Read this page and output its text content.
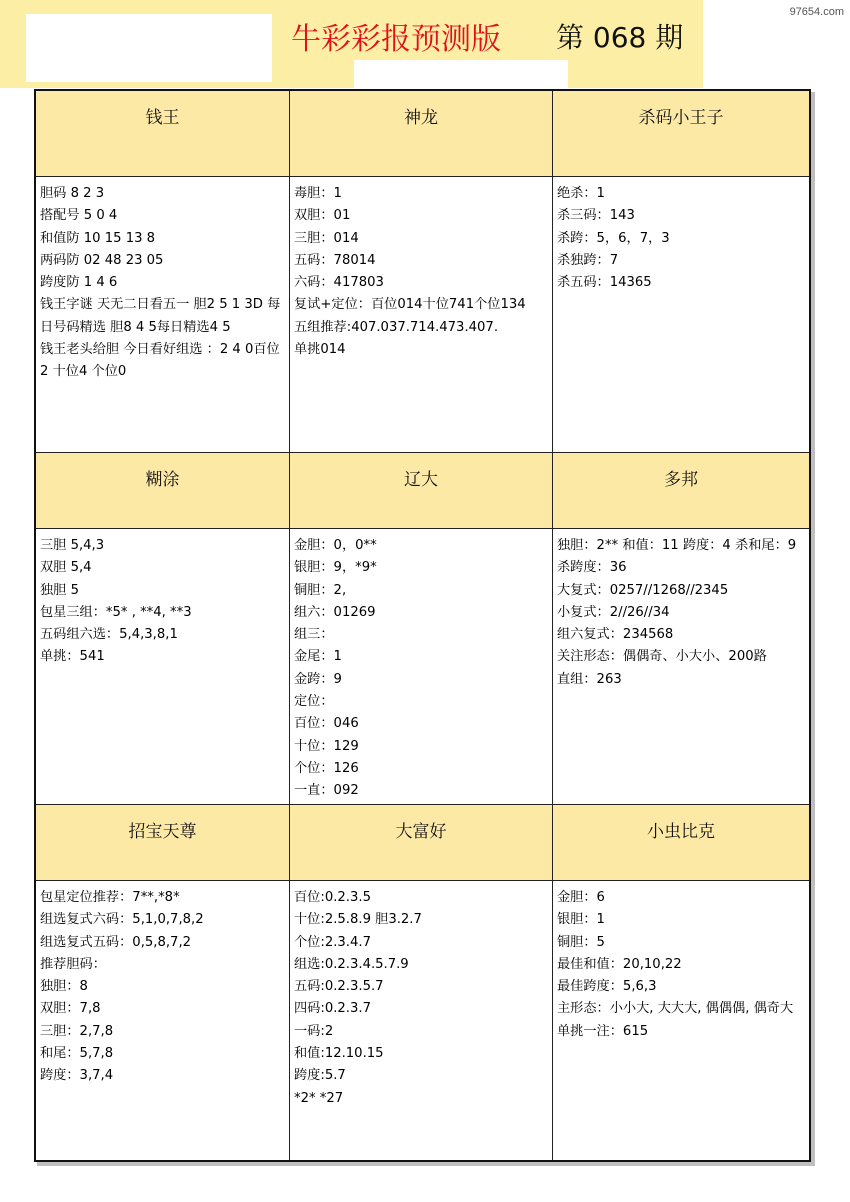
牛彩彩报预测版 第 068 期
97654.com
钱王	神龙	杀码小王子
胆码 8 2 3
搭配号 5 0 4
和值防 10 15 13 8
两码防 02 48 23 05
跨度防 1 4 6
钱王字谜 天无二日看五一 胆2 5 1 3D 每日号码精选 胆8 4 5每日精选4 5
钱王老头给胆 今日看好组选 ：2 4 0百位2 十位4 个位0
毒胆：1
双胆：01
三胆：014
五码：78014
六码：417803
复试+定位：百位014十位741个位134
五组推荐:407.037.714.473.407.
单挑014
绝杀：1
杀三码：143
杀跨：5，6，7，3
杀独跨：7
杀五码：14365
糊涂	辽大	多邦
三胆 5,4,3
双胆 5,4
独胆 5
包星三组：*5* , **4, **3
五码组六选：5,4,3,8,1
单挑：541
金胆：0，0**
银胆：9，*9*
铜胆：2,
组六：01269
组三：
金尾：1
金跨：9
定位：
百位：046
十位：129
个位：126
一直：092
独胆：2** 和值：11 跨度：4 杀和尾：9 杀跨度：36
大复式：0257//1268//2345
小复式：2//26//34
组六复式：234568
关注形态：偶偶奇、小大小、200路
直组：263
招宝天尊	大富好	小虫比克
包星定位推荐：7**,*8*
组选复式六码：5,1,0,7,8,2
组选复式五码：0,5,8,7,2
推荐胆码：
独胆：8
双胆：7,8
三胆：2,7,8
和尾：5,7,8
跨度：3,7,4
百位:0.2.3.5
十位:2.5.8.9 胆3.2.7
个位:2.3.4.7
组选:0.2.3.4.5.7.9
五码:0.2.3.5.7
四码:0.2.3.7
一码:2
和值:12.10.15
跨度:5.7
*2* *27
金胆：6
银胆：1
铜胆：5
最佳和值：20,10,22
最佳跨度：5,6,3
主形态：小小大, 大大大, 偶偶偶, 偶奇大
单挑一注：615
